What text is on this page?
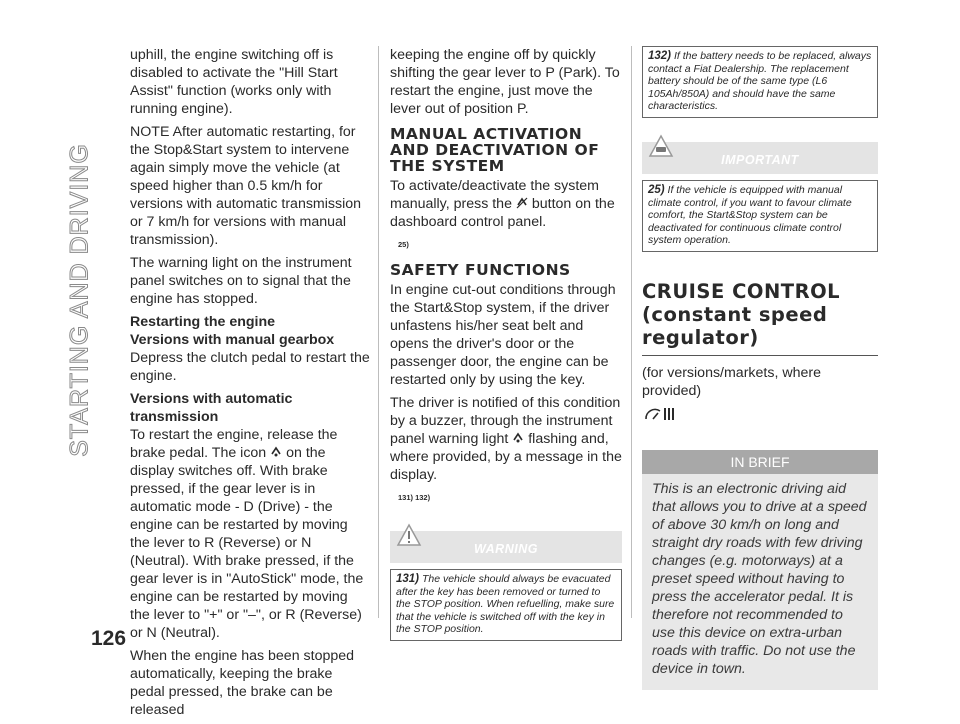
STARTING AND DRIVING
126

uphill, the engine switching off is disabled to activate the "Hill Start Assist" function (works only with running engine).

NOTE After automatic restarting, for the Stop&Start system to intervene again simply move the vehicle (at speed higher than 0.5 km/h for versions with automatic transmission or 7 km/h for versions with manual transmission).

The warning light on the instrument panel switches on to signal that the engine has stopped.

Restarting the engine
Versions with manual gearbox

Depress the clutch pedal to restart the engine.

Versions with automatic transmission

To restart the engine, release the brake pedal. The icon on the display switches off. With brake pressed, if the gear lever is in automatic mode - D (Drive) - the engine can be restarted by moving the lever to R (Reverse) or N (Neutral). With brake pressed, if the gear lever is in "AutoStick" mode, the engine can be restarted by moving the lever to "+" or "–", or R (Reverse) or N (Neutral).

When the engine has been stopped automatically, keeping the brake pedal pressed, the brake can be released

keeping the engine off by quickly shifting the gear lever to P (Park). To restart the engine, just move the lever out of position P.

MANUAL ACTIVATION AND DEACTIVATION OF THE SYSTEM

To activate/deactivate the system manually, press the button on the dashboard control panel.

25)
SAFETY FUNCTIONS

In engine cut-out conditions through the Start&Stop system, if the driver unfastens his/her seat belt and opens the driver's door or the passenger door, the engine can be restarted only by using the key.

The driver is notified of this condition by a buzzer, through the instrument panel warning light flashing and, where provided, by a message in the display.

131) 132)
WARNING
131) The vehicle should always be evacuated after the key has been removed or turned to the STOP position. When refuelling, make sure that the vehicle is switched off with the key in the STOP position.
132) If the battery needs to be replaced, always contact a Fiat Dealership. The replacement battery should be of the same type (L6 105Ah/850A) and should have the same characteristics.
IMPORTANT
25) If the vehicle is equipped with manual climate control, if you want to favour climate comfort, the Start&Stop system can be deactivated for continuous climate control system operation.
CRUISE CONTROL (constant speed regulator)

(for versions/markets, where provided)

IN BRIEF
This is an electronic driving aid that allows you to drive at a speed of above 30 km/h on long and straight dry roads with few driving changes (e.g. motorways) at a preset speed without having to press the accelerator pedal. It is therefore not recommended to use this device on extra-urban roads with traffic. Do not use the device in town.
